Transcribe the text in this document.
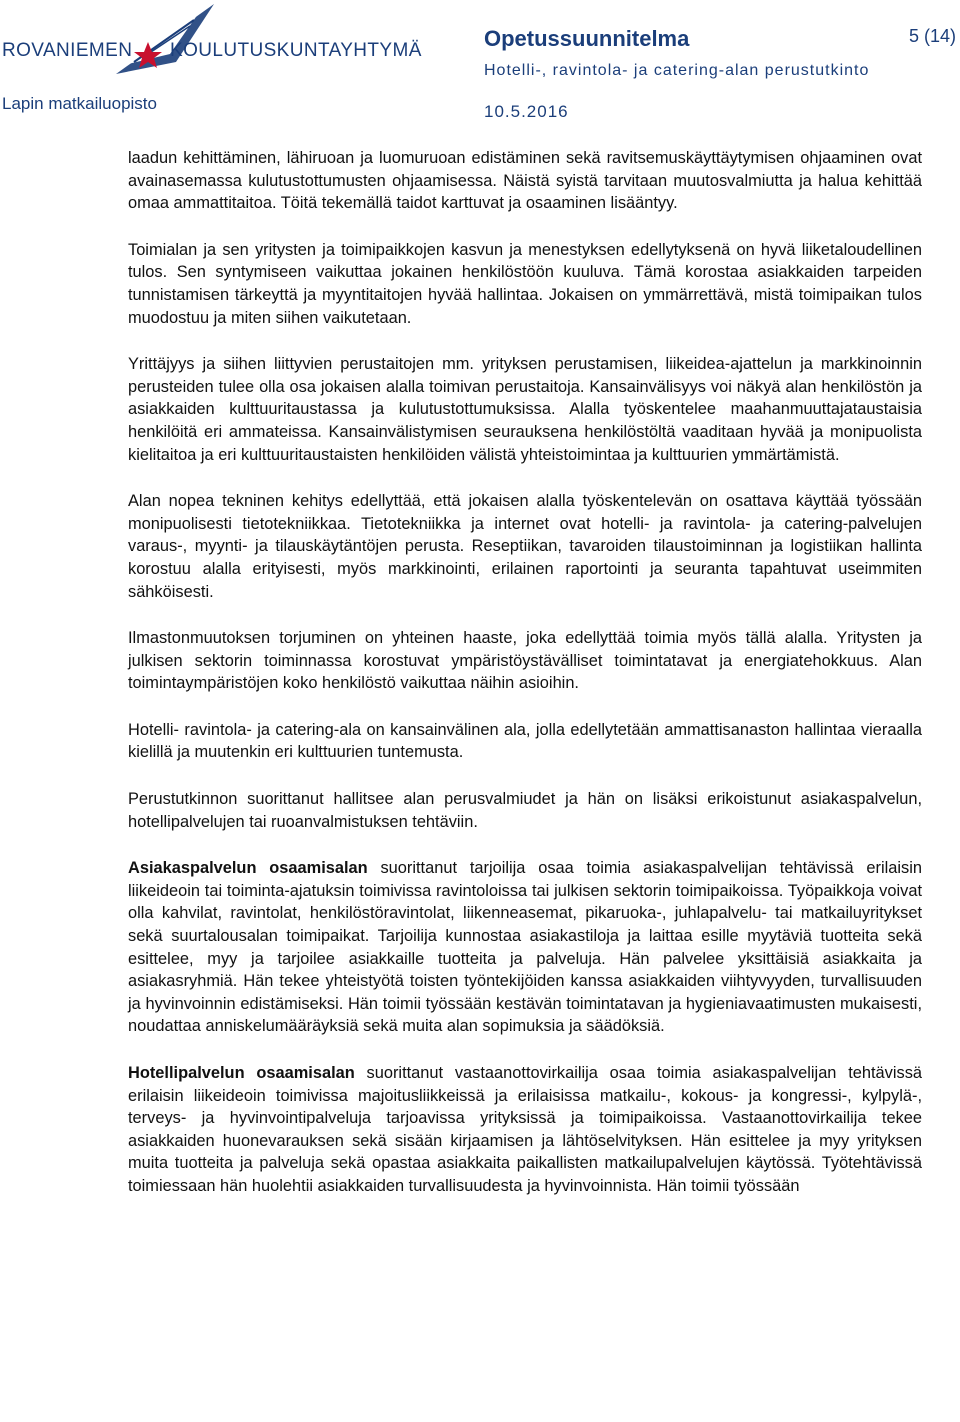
ROVANIEMEN KOULUTUSKUNTAYHTYMÄ
Lapin matkailuopisto
Opetussuunnitelma	5 (14)
Hotelli-, ravintola- ja catering-alan perustutkinto
10.5.2016

laadun kehittäminen, lähiruoan ja luomuruoan edistäminen sekä ravitsemuskäyttäytymisen ohjaaminen ovat avainasemassa kulutustottumusten ohjaamisessa. Näistä syistä tarvitaan muutosvalmiutta ja halua kehittää omaa ammattitaitoa. Töitä tekemällä taidot karttuvat ja osaaminen lisääntyy.

Toimialan ja sen yritysten ja toimipaikkojen kasvun ja menestyksen edellytyksenä on hyvä liiketaloudellinen tulos. Sen syntymiseen vaikuttaa jokainen henkilöstöön kuuluva. Tämä korostaa asiakkaiden tarpeiden tunnistamisen tärkeyttä ja myyntitaitojen hyvää hallintaa. Jokaisen on ymmärrettävä, mistä toimipaikan tulos muodostuu ja miten siihen vaikutetaan.

Yrittäjyys ja siihen liittyvien perustaitojen mm. yrityksen perustamisen, liikeidea-ajattelun ja markkinoinnin perusteiden tulee olla osa jokaisen alalla toimivan perustaitoja. Kansainvälisyys voi näkyä alan henkilöstön ja asiakkaiden kulttuuritaustassa ja kulutustottumuksissa. Alalla työskentelee maahanmuuttajataustaisia henkilöitä eri ammateissa. Kansainvälistymisen seurauksena henkilöstöltä vaaditaan hyvää ja monipuolista kielitaitoa ja eri kulttuuritaustaisten henkilöiden välistä yhteistoimintaa ja kulttuurien ymmärtämistä.

Alan nopea tekninen kehitys edellyttää, että jokaisen alalla työskentelevän on osattava käyttää työssään monipuolisesti tietotekniikkaa. Tietotekniikka ja internet ovat hotelli- ja ravintola- ja catering-palvelujen varaus-, myynti- ja tilauskäytäntöjen perusta. Reseptiikan, tavaroiden tilaustoiminnan ja logistiikan hallinta korostuu alalla erityisesti, myös markkinointi, erilainen raportointi ja seuranta tapahtuvat useimmiten sähköisesti.

Ilmastonmuutoksen torjuminen on yhteinen haaste, joka edellyttää toimia myös tällä alalla. Yritysten ja julkisen sektorin toiminnassa korostuvat ympäristöystävälliset toimintatavat ja energiatehokkuus. Alan toimintaympäristöjen koko henkilöstö vaikuttaa näihin asioihin.

Hotelli- ravintola- ja catering-ala on kansainvälinen ala, jolla edellytetään ammattisanaston hallintaa vieraalla kielillä ja muutenkin eri kulttuurien tuntemusta.

Perustutkinnon suorittanut hallitsee alan perusvalmiudet ja hän on lisäksi erikoistunut asiakaspalvelun, hotellipalvelujen tai ruoanvalmistuksen tehtäviin.

Asiakaspalvelun osaamisalan suorittanut tarjoilija osaa toimia asiakaspalvelijan tehtävissä erilaisin liikeideoin tai toiminta-ajatuksin toimivissa ravintoloissa tai julkisen sektorin toimipaikoissa. Työpaikkoja voivat olla kahvilat, ravintolat, henkilöstöravintolat, liikenneasemat, pikaruoka-, juhlapalvelu- tai matkailuyritykset sekä suurtalousalan toimipaikat. Tarjoilija kunnostaa asiakastiloja ja laittaa esille myytäviä tuotteita sekä esittelee, myy ja tarjoilee asiakkaille tuotteita ja palveluja. Hän palvelee yksittäisiä asiakkaita ja asiakasryhmiä. Hän tekee yhteistyötä toisten työntekijöiden kanssa asiakkaiden viihtyvyyden, turvallisuuden ja hyvinvoinnin edistämiseksi. Hän toimii työssään kestävän toimintatavan ja hygieniavaatimusten mukaisesti, noudattaa anniskelumääräyksiä sekä muita alan sopimuksia ja säädöksiä.

Hotellipalvelun osaamisalan suorittanut vastaanottovirkailija osaa toimia asiakaspalvelijan tehtävissä erilaisin liikeideoin toimivissa majoitusliikkeissä ja erilaisissa matkailu-, kokous- ja kongressi-, kylpylä-, terveys- ja hyvinvointipalveluja tarjoavissa yrityksissä ja toimipaikoissa. Vastaanottovirkailija tekee asiakkaiden huonevarauksen sekä sisään kirjaamisen ja lähtöselvityksen. Hän esittelee ja myy yrityksen muita tuotteita ja palveluja sekä opastaa asiakkaita paikallisten matkailupalvelujen käytössä. Työtehtävissä toimiessaan hän huolehtii asiakkaiden turvallisuudesta ja hyvinvoinnista. Hän toimii työssään
